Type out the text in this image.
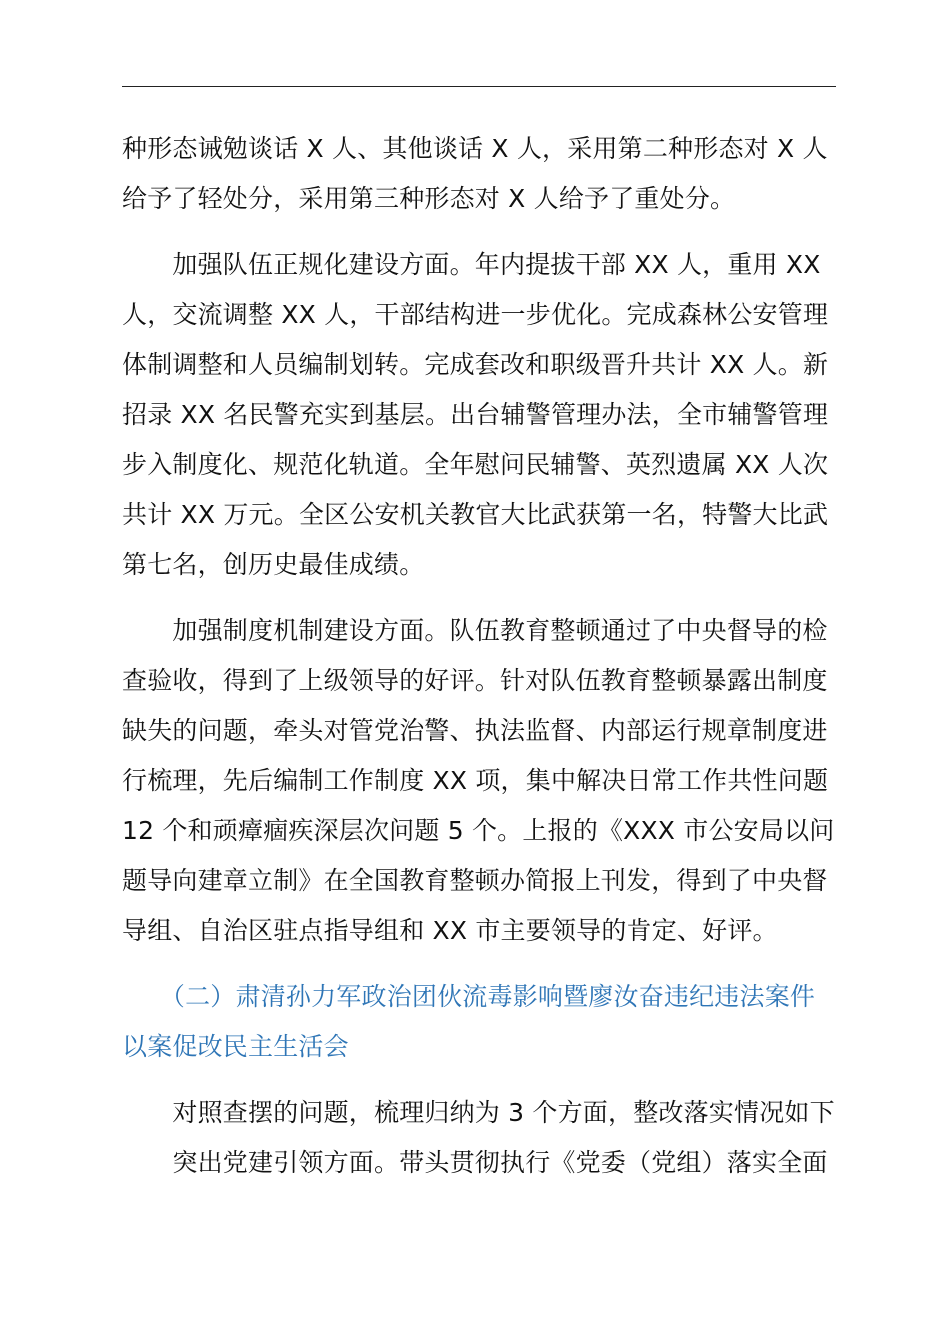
种形态诫勉谈话 X 人、其他谈话 X 人，采用第二种形态对 X 人
给予了轻处分，采用第三种形态对 X 人给予了重处分。

　　加强队伍正规化建设方面。年内提拔干部 XX 人，重用 XX
人，交流调整 XX 人，干部结构进一步优化。完成森林公安管理
体制调整和人员编制划转。完成套改和职级晋升共计 XX 人。新
招录 XX 名民警充实到基层。出台辅警管理办法，全市辅警管理
步入制度化、规范化轨道。全年慰问民辅警、英烈遗属 XX 人次
共计 XX 万元。全区公安机关教官大比武获第一名，特警大比武
第七名，创历史最佳成绩。

　　加强制度机制建设方面。队伍教育整顿通过了中央督导的检
查验收，得到了上级领导的好评。针对队伍教育整顿暴露出制度
缺失的问题，牵头对管党治警、执法监督、内部运行规章制度进
行梳理，先后编制工作制度 XX 项，集中解决日常工作共性问题
12 个和顽瘴痼疾深层次问题 5 个。上报的《XXX 市公安局以问
题导向建章立制》在全国教育整顿办简报上刊发，得到了中央督
导组、自治区驻点指导组和 XX 市主要领导的肯定、好评。

　　（二）肃清孙力军政治团伙流毒影响暨廖汝奋违纪违法案件
以案促改民主生活会

　　对照查摆的问题，梳理归纳为 3 个方面，整改落实情况如下

　　突出党建引领方面。带头贯彻执行《党委（党组）落实全面
